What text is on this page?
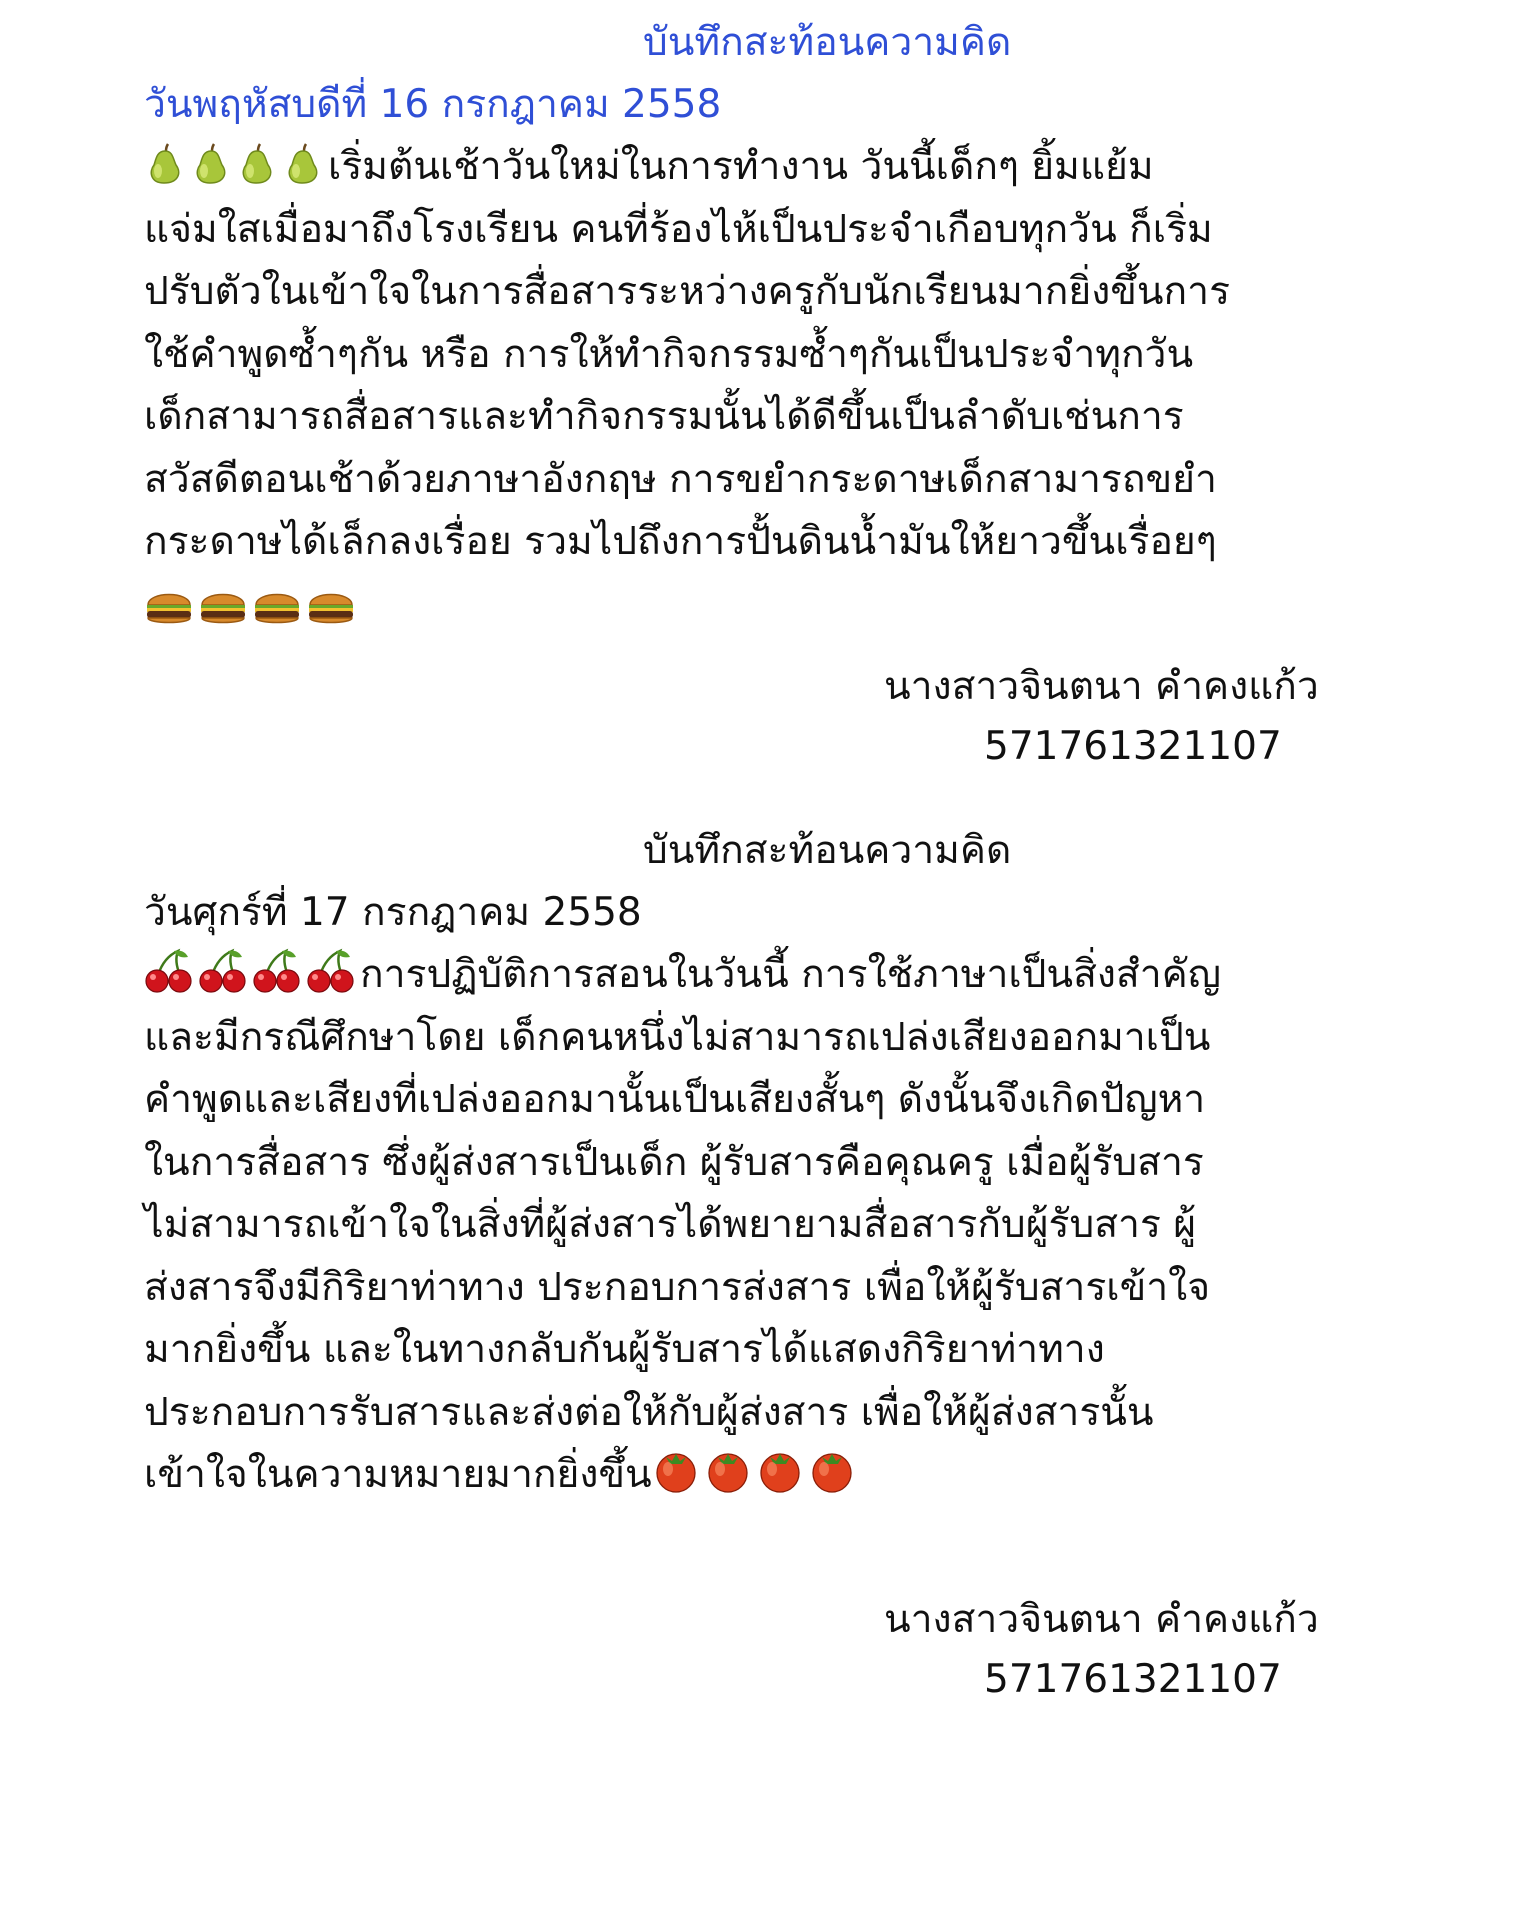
บันทึกสะท้อนความคิด
วันพฤหัสบดีที่ 16 กรกฎาคม 2558
เริ่มต้นเช้าวันใหม่ในการทำงาน วันนี้เด็กๆ ยิ้มแย้ม
แจ่มใสเมื่อมาถึงโรงเรียน คนที่ร้องไห้เป็นประจำเกือบทุกวัน ก็เริ่ม
ปรับตัวในเข้าใจในการสื่อสารระหว่างครูกับนักเรียนมากยิ่งขึ้นการ
ใช้คำพูดซ้ำๆกัน หรือ การให้ทำกิจกรรมซ้ำๆกันเป็นประจำทุกวัน
เด็กสามารถสื่อสารและทำกิจกรรมนั้นได้ดีขึ้นเป็นลำดับเช่นการ
สวัสดีตอนเช้าด้วยภาษาอังกฤษ การขยำกระดาษเด็กสามารถขยำ
กระดาษได้เล็กลงเรื่อย รวมไปถึงการปั้นดินน้ำมันให้ยาวขึ้นเรื่อยๆ
นางสาวจินตนา คำคงแก้ว
571761321107
บันทึกสะท้อนความคิด
วันศุกร์ที่ 17 กรกฎาคม 2558
การปฏิบัติการสอนในวันนี้ การใช้ภาษาเป็นสิ่งสำคัญ
และมีกรณีศึกษาโดย เด็กคนหนึ่งไม่สามารถเปล่งเสียงออกมาเป็น
คำพูดและเสียงที่เปล่งออกมานั้นเป็นเสียงสั้นๆ ดังนั้นจึงเกิดปัญหา
ในการสื่อสาร ซึ่งผู้ส่งสารเป็นเด็ก ผู้รับสารคือคุณครู เมื่อผู้รับสาร
ไม่สามารถเข้าใจในสิ่งที่ผู้ส่งสารได้พยายามสื่อสารกับผู้รับสาร ผู้
ส่งสารจึงมีกิริยาท่าทาง ประกอบการส่งสาร เพื่อให้ผู้รับสารเข้าใจ
มากยิ่งขึ้น และในทางกลับกันผู้รับสารได้แสดงกิริยาท่าทาง
ประกอบการรับสารและส่งต่อให้กับผู้ส่งสาร เพื่อให้ผู้ส่งสารนั้น
เข้าใจในความหมายมากยิ่งขึ้น
นางสาวจินตนา คำคงแก้ว
571761321107
